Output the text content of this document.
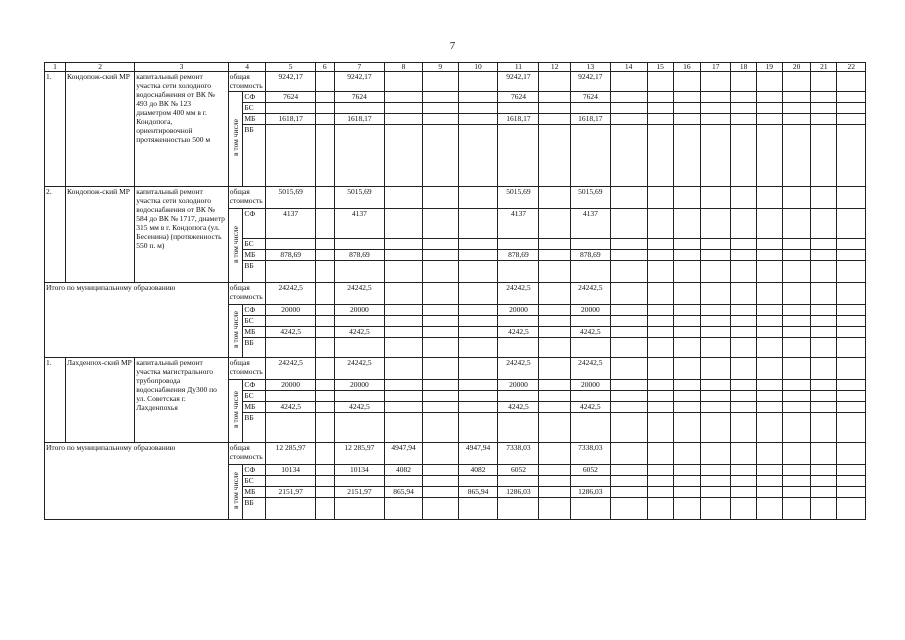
7
1	2	3	4		5	6	7	8	9	10	11	12	13	14	15	16	17	18	19	20	21	22
1.	Кондопож-ский МР	капитальный ремонт участка сети холодного водоснабжения от ВК № 493 до ВК № 123 диаметром 400 мм в г. Кондопога, ориентировочной протяженностью 500 м	общая стоимость		9242,17		9242,17				9242,17		9242,17									
			в том числе	СФ	7624		7624				7624		7624									
				БС																		
				МБ	1618,17		1618,17				1618,17		1618,17									
				ВБ																		
2.	Кондопож-ский МР	капитальный ремонт участка сети холодного водоснабжения от ВК № 584 до ВК № 1717, диаметр 315 мм в г. Кондопога (ул. Бесенина) (протяженность 550 п. м)	общая стоимость		5015,69		5015,69				5015,69		5015,69									
			в том числе	СФ	4137		4137				4137		4137									
				БС																		
				МБ	878,69		878,69				878,69		878,69									
				ВБ																		
Итого по муниципальному образованию			общая стоимость		24242,5		24242,5				24242,5		24242,5									
			в том числе	СФ	20000		20000				20000		20000									
				БС																		
				МБ	4242,5		4242,5				4242,5		4242,5									
				ВБ																		
1.	Лахденпох-ский МР	капитальный ремонт участка магистрального трубопровода водоснабжения Ду300 по ул. Советская г. Лахденпохья	общая стоимость		24242,5		24242,5				24242,5		24242,5									
			в том числе	СФ	20000		20000				20000		20000									
				БС																		
				МБ	4242,5		4242,5				4242,5		4242,5									
				ВБ																		
Итого по муниципальному образованию			общая стоимость		12 285,97		12 285,97	4947,94		4947,94	7338,03		7338,03									
			в том числе	СФ	10134		10134	4082		4082	6052		6052									
				БС																		
				МБ	2151,97		2151,97	865,94		865,94	1286,03		1286,03									
				ВБ																		
